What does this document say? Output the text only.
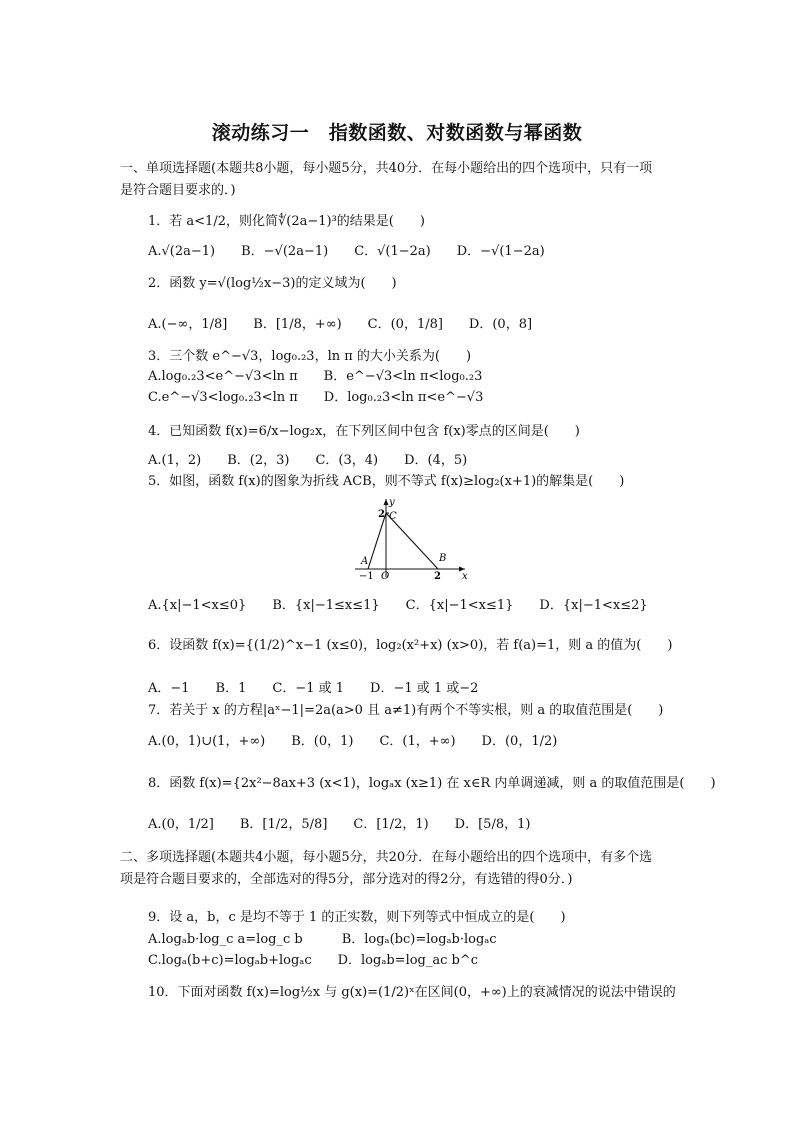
滚动练习一　指数函数、对数函数与幂函数
一、单项选择题(本题共8小题，每小题5分，共40分．在每小题给出的四个选项中，只有一项是符合题目要求的．)
1．若 a<1/2，则化简∜(2a−1)³的结果是(　　)
A.√(2a−1)　　B．−√(2a−1)　　C．√(1−2a)　　D．−√(1−2a)
2．函数 y=√(log½x−3)的定义域为(　　)
A.(−∞，1/8]　　B．[1/8，+∞)　　C．(0，1/8]　　D．(0，8]
3．三个数 e^−√3，log₀.₂3，ln π 的大小关系为(　　)
A.log₀.₂3<e^−√3<ln π　　B．e^−√3<ln π<log₀.₂3
C.e^−√3<log₀.₂3<ln π　　D．log₀.₂3<ln π<e^−√3
4．已知函数 f(x)=6/x−log₂x，在下列区间中包含 f(x)零点的区间是(　　)
A.(1，2)　　B．(2，3)　　C．(3，4)　　D．(4，5)
5．如图，函数 f(x)的图象为折线 ACB，则不等式 f(x)≥log₂(x+1)的解集是(　　)
y
x
C
2
A	B
−1 O	2
A.{x|−1<x≤0}　　B．{x|−1≤x≤1}　　C．{x|−1<x≤1}　　D．{x|−1<x≤2}
6．设函数 f(x)={(1/2)^x−1 (x≤0)，log₂(x²+x) (x>0)，若 f(a)=1，则 a 的值为(　　)
A．−1　　B．1　　C．−1 或 1　　D．−1 或 1 或−2
7．若关于 x 的方程|aˣ−1|=2a(a>0 且 a≠1)有两个不等实根，则 a 的取值范围是(　　)
A.(0，1)∪(1，+∞)　　B．(0，1)　　C．(1，+∞)　　D．(0，1/2)
8．函数 f(x)={2x²−8ax+3 (x<1)，logₐx (x≥1) 在 x∈R 内单调递减，则 a 的取值范围是(　　)
A.(0，1/2]　　B．[1/2，5/8]　　C．[1/2，1)　　D．[5/8，1)
二、多项选择题(本题共4小题，每小题5分，共20分．在每小题给出的四个选项中，有多个选项是符合题目要求的，全部选对的得5分，部分选对的得2分，有选错的得0分．)
9．设 a，b，c 是均不等于 1 的正实数，则下列等式中恒成立的是(　　)
A.logₐb·log_c a=log_c b　　　B．logₐ(bc)=logₐb·logₐc
C.logₐ(b+c)=logₐb+logₐc　　D．logₐb=log_ac b^c
10．下面对函数 f(x)=log½x 与 g(x)=(1/2)ˣ在区间(0，+∞)上的衰减情况的说法中错误的
